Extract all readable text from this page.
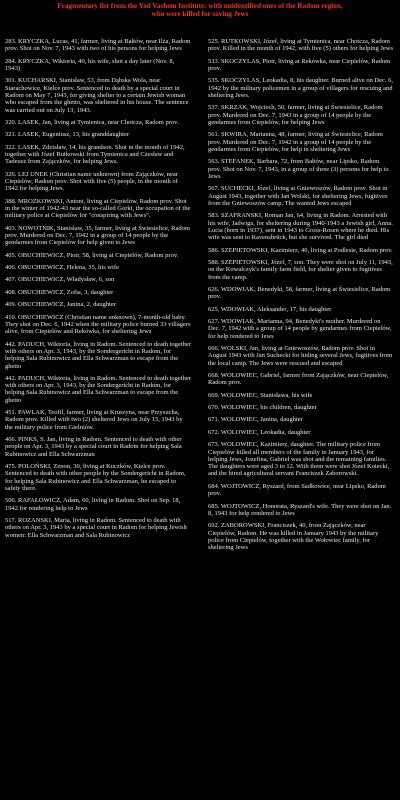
Fragmentary list from the Yad Vashem Institute: with unidentified ones of the Radom region,
who were killed for saving Jews
283. KRYCZKA, Lucas, 41, farmer, living at Bałtów, near Ilża, Radom prov. Shot on Nov. 7, 1943 with two of his persons for helping Jews
284. KRYCZKA, Wiktoria, 40, his wife, shot a day later (Nov. 8, 1943)
301. KUCHARSKI, Stanisław, 53, from Dąbska Wola, near Starachowice, Kielce prov. Sentenced to death by a special court in Radom on May 7, 1943, for giving shelter to a certain Jewish woman who escaped from the ghetto, was sheltered in his house. The sentence was carried out on July 13, 1943.
320. LASEK, Jan, living at Tymienica, near Chotcza, Radom prov.
321. LASEK, Eugeniusz, 13, his granddaughter
322. LASEK, Zdzisław, 14, his grandson. Shot in the month of 1942, together with Józef Rutkowski from Tymienica and Czesław and Tadeusz from Zajączków, for helping Jews.
326. LEJ UNEK (Christian name unknown) from Zajączków, near Ciepielów, Radom prov. Shot with five (5) people, in the month of 1942 for helping Jews.
388. MROZKOWSKI, Antoni, living at Ciepielów, Radom prov. Shot in the winter of 1942-43 near the so-called Gorki, the occupation of the military police at Ciepielów for "conspiring with Jews".
403. NOWOTNIK, Stanisław, 35, farmer, living at Świesielice, Radom prov. Murdered on Dec. 7, 1942 in a group of 14 people by the gendarmes from Ciepielów for help given to Jews
405. OBUCHIEWICZ, Piotr, 58, living at Ciepielów, Radom prov.
406. OBUCHIEWICZ, Helena, 35, his wife
407. OBUCHIEWICZ, Władysław, 6, son
408. OBUCHIEWICZ, Zofia, 3, daughter
409. OBUCHIEWICZ, Janina, 2, daughter
410. OBUCHIEWICZ (Christian name unknown), 7-month-old baby. They shot on Dec. 6, 1942 when the military police burned 33 villagers alive, from Ciepielów and Rekówka, for sheltering Jews
442. PADUCH, Wiktoria, living in Radom. Sentenced to death together with others on Apr. 3, 1943, by the Sondergericht in Radom, for helping Sala Rubinowicz and Ella Schwarzman to escape from the ghetto
442. PADUCH, Wiktoria, living in Radom. Sentenced to death together with others on Apr. 3, 1943, by the Sondergericht in Radom, for helping Sala Rubinowicz and Ella Schwarzman to escape from the ghetto
451. PAWLAK, Teofil, farmer, living at Kruszyna, near Przysucha, Radom prov. Killed with two (2) sheltered Jews on July 15, 1943 by the military police from Gielniów.
466. PINKS, S. Jan, living in Radom. Sentenced to death with other people on Apr. 3, 1943 by a special court in Radom for helping Sala Rubinowicz and Ella Schwarzman
475. POLOŃSKI, Zenon, 30, living at Kuczków, Kielce prov. Sentenced to death with other people by the Sondergericht in Radom, for helping Sala Rubinowicz and Ella Schwarzman, he escaped to safety there.
506. RAFAŁOWICZ, Adam, 60, living in Radom. Shot on Sep. 18, 1942 for rendering help to Jews
517. ROZANSKI, Maria, living in Radom. Sentenced to death with others on Apr. 3, 1943 by a special court in Radom for helping Jewish women: Ella Schwarzman and Sala Rubinowicz
525. RUTKOWSKI, Józef, living at Tymienica, near Chotcza, Radom prov. Killed in the month of 1942, with five (5) others for helping Jews
533. SKOCZYLAS, Piotr, living at Rekówka, near Ciepielów, Radom prov.
535. SKOCZYLAS, Leokadia, 8, his daughter. Burned alive on Dec. 6, 1942 by the military policemen in a group of villagers for rescuing and sheltering Jews.
537. SKRZAK, Wojciech, 50, farmer, living at Świesielice, Radom prov. Murdered on Dec. 7, 1943 in a group of 14 people by the gendarmes from Ciepielów, for helping Jews
561. SKWIRA, Marianna, 48, farmer, living at Świesielice, Radom prov. Murdered on Dec. 7, 1942 in a group of 14 people by the gendarmes from Ciepielów, for help in sheltering Jews
563. STEFANEK, Barbara, 72, from Bałtów, near Lipsko, Radom prov. Shot on Nov. 7, 1943, in a group of three (3) persons for help to Jews
567. SUCHECKI, Józef, living at Gniewoszów, Radom prov. Shot in August 1943, together with Jan Wolski, for sheltering Jews, fugitives from the Gniewoszów camp. The wanted Jews escaped
583. SZAFRANSKI, Roman Jan, 64, living in Radom. Arrested with his wife, Jadwiga, for sheltering during 1940-1943 a Jewish girl, Anna. Lucia (born in 1937), sent in 1943 to Gross-Rosen where he died. His wife was sent to Ravensbrück, but she survived. The girl died
586. SZEPIETOWSKI, Kazimierz, 40, living at Podlesie, Radom prov.
588. SZEPIETOWSKI, Józef, 7, son. They were shot on July 11, 1943, on the Kowalczyk's family farm field, for shelter given to fugitives from the camp.
626. WDOWIAK, Benedykt, 58, farmer, living at Świesielice, Radom prov.
625. WDOWIAK, Aleksander, 17, his daughter
627. WDOWIAK, Marianna, 94, Benedykt's mother. Murdered on Dec. 7, 1942 with a group of 14 people by gendarmes from Ciepielów, for help rendered to Jews
666. WOLSKI, Jan, living at Gniewoszów, Radom prov. Shot in August 1943 with Jan Suchecki for hiding several Jews, fugitives from the local camp. The Jews were rescued and escaped
668. WOLOWIEC, Gabriel, farmer from Zajączków, near Ciepielów, Radom prov.
669. WOLOWIEC, Stanisława, his wife
670. WOLOWIEC, his children, daughter
671. WOLOWIEC, Janina, daughter
672. WOLOWIEC, Leokadia, daughter
673. WOLOWIEC, Kazimierz, daughter. The military police from Ciepielów killed all members of the family in January 1943, for helping Jews, Jozefina, Gabriel was shot and the remaining families. The daughters were aged 3 to 12. With them were shot Józef Kotecki, and the hired agricultural servant Franciszek Zaborowski.
684. WOJTOWICZ, Ryszard, from Sadkowice, near Lipsko, Radom prov.
685. WOJTOWICZ, Honorata, Ryszard's wife. They were shot on Jan. 8, 1943 for help rendered to Jews
692. ZABOROWSKI, Franciszek, 40, from Zajączków, near Ciepielów, Radom. He was killed in January 1943 by the military police from Ciepielów, together with the Wołowiec family, for sheltering Jews
